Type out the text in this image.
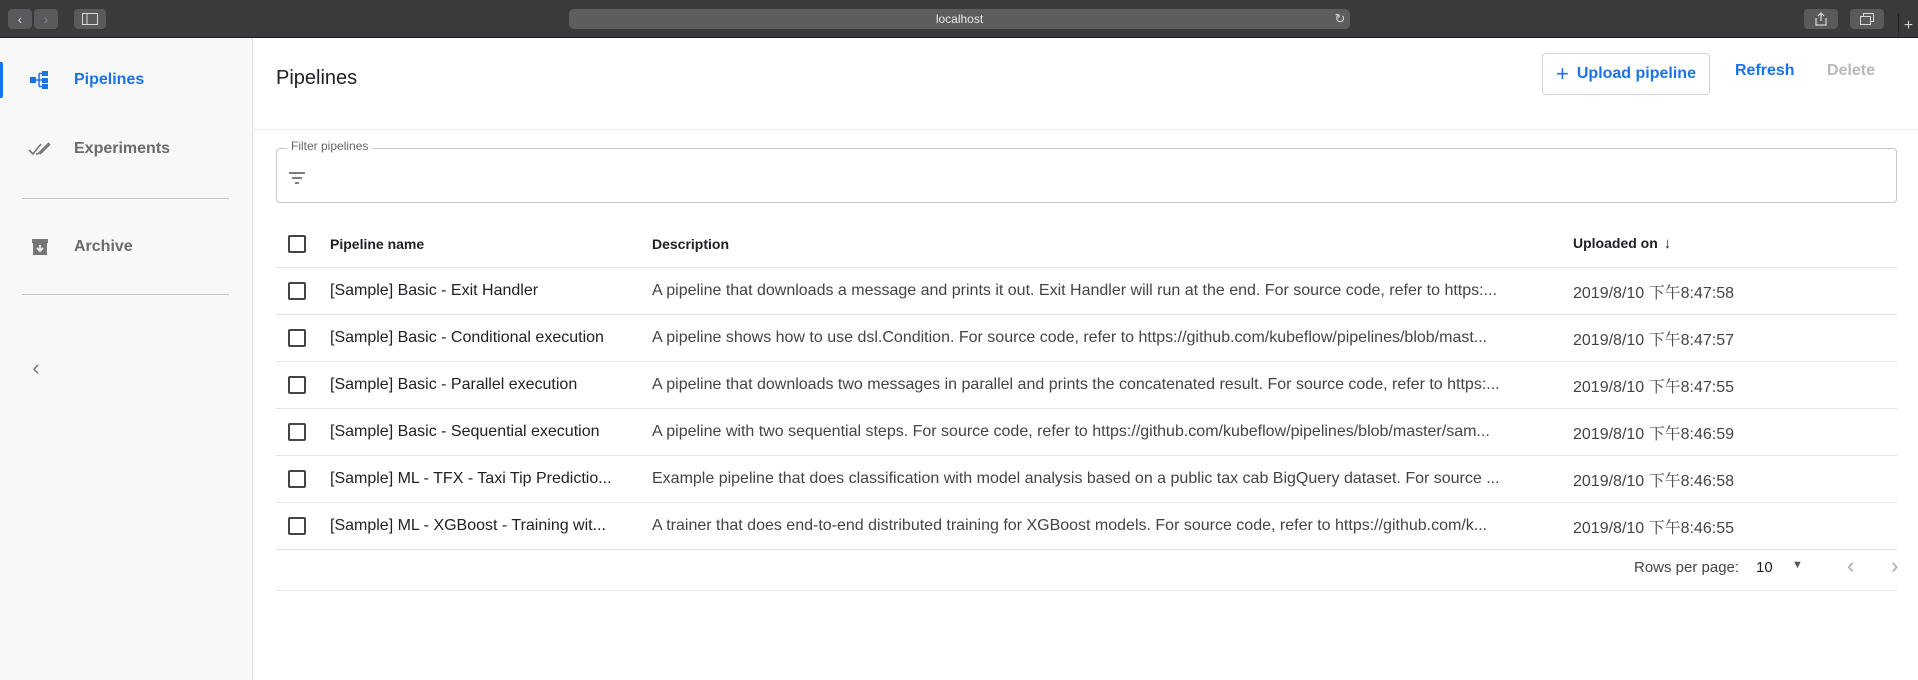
‹	›	localhost	↻	+
Pipelines
Experiments
Archive
‹
Pipelines	+ Upload pipeline Refresh Delete
Filter pipelines
Pipeline name	Description	Uploaded on ↓
[Sample] Basic - Exit Handler	A pipeline that downloads a message and prints it out. Exit Handler will run at the end. For source code, refer to https:...	2019/8/10 下午8:47:58
[Sample] Basic - Conditional execution	A pipeline shows how to use dsl.Condition. For source code, refer to https://github.com/kubeflow/pipelines/blob/mast...	2019/8/10 下午8:47:57
[Sample] Basic - Parallel execution	A pipeline that downloads two messages in parallel and prints the concatenated result. For source code, refer to https:...	2019/8/10 下午8:47:55
[Sample] Basic - Sequential execution	A pipeline with two sequential steps. For source code, refer to https://github.com/kubeflow/pipelines/blob/master/sam...	2019/8/10 下午8:46:59
[Sample] ML - TFX - Taxi Tip Predictio...	Example pipeline that does classification with model analysis based on a public tax cab BigQuery dataset. For source ...	2019/8/10 下午8:46:58
[Sample] ML - XGBoost - Training wit...	A trainer that does end-to-end distributed training for XGBoost models. For source code, refer to https://github.com/k...	2019/8/10 下午8:46:55
Rows per page: 10 ▼ ‹ ›
